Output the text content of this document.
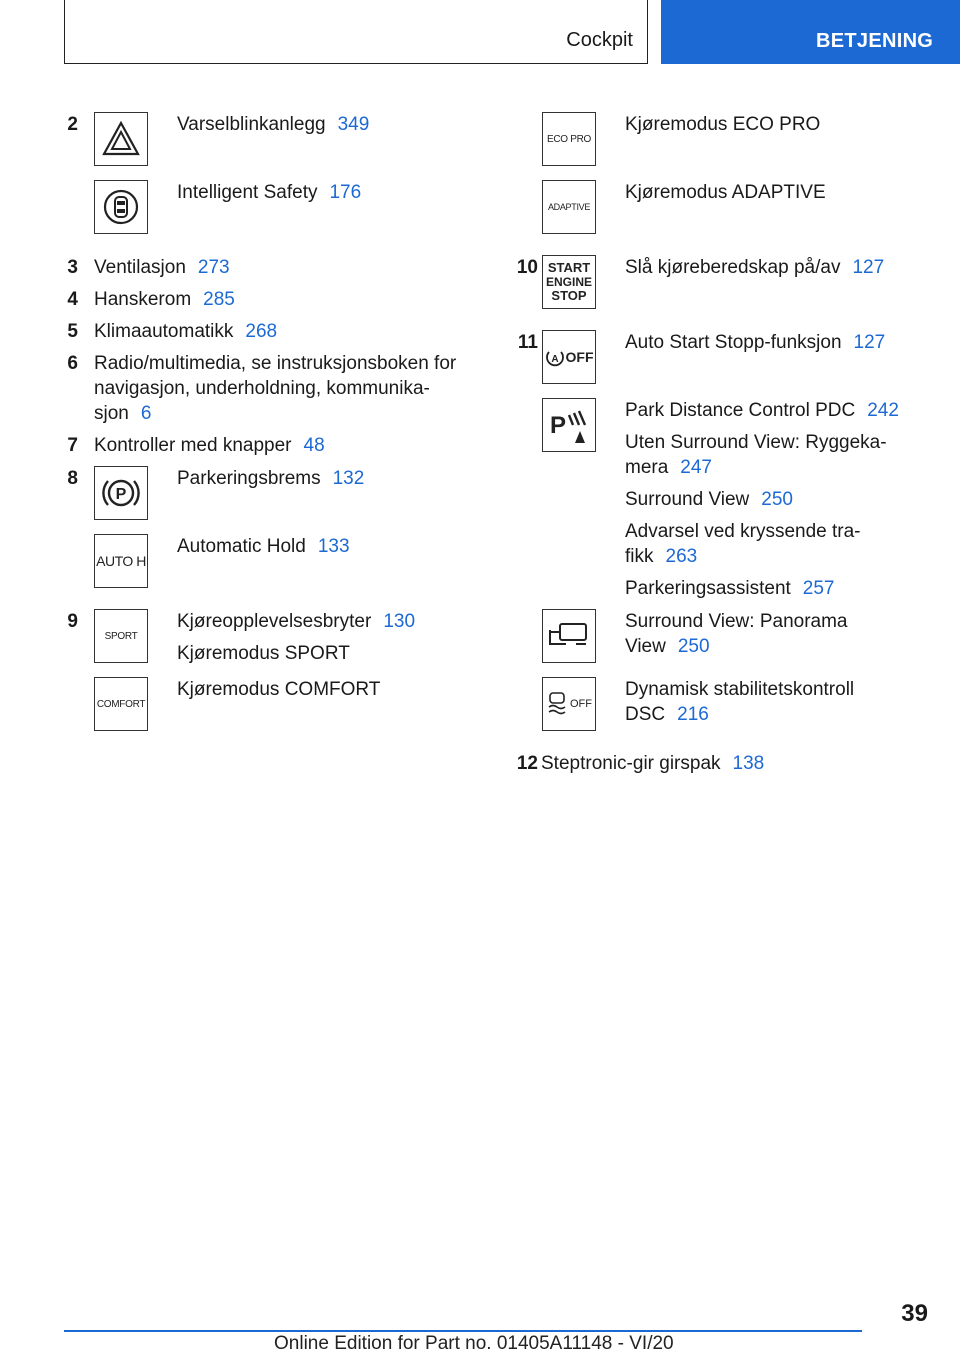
Cockpit	BETJENING
2	Varselblinkanlegg 349
Intelligent Safety 176
3 Ventilasjon 273
4 Hanskerom 285
5 Klimaautomatikk 268
6 Radio/multimedia, se instruksjonsboken for
navigasjon, underholdning, kommunika‐
sjon 6
7 Kontroller med knapper 48
8
P
Parkeringsbrems 132
AUTO H
Automatic Hold 133
9
SPORT
Kjøreopplevelsesbryter 130
Kjøremodus SPORT
COMFORT
Kjøremodus COMFORT
ECO PRO
Kjøremodus ECO PRO
ADAPTIVE
Kjøremodus ADAPTIVE
10 START
ENGINE
STOP
Slå kjøreberedskap på/av 127
11
A OFF
Auto Start Stopp-funksjon 127
P
Park Distance Control PDC 242
Uten Surround View: Ryggeka‐
mera 247
Surround View 250
Advarsel ved kryssende tra‐
fikk 263
Parkeringsassistent 257
Surround View: Panorama
View 250
OFF
Dynamisk stabilitetskontroll
DSC 216
12 Steptronic-gir girspak 138
39
Online Edition for Part no. 01405A11148 - VI/20
